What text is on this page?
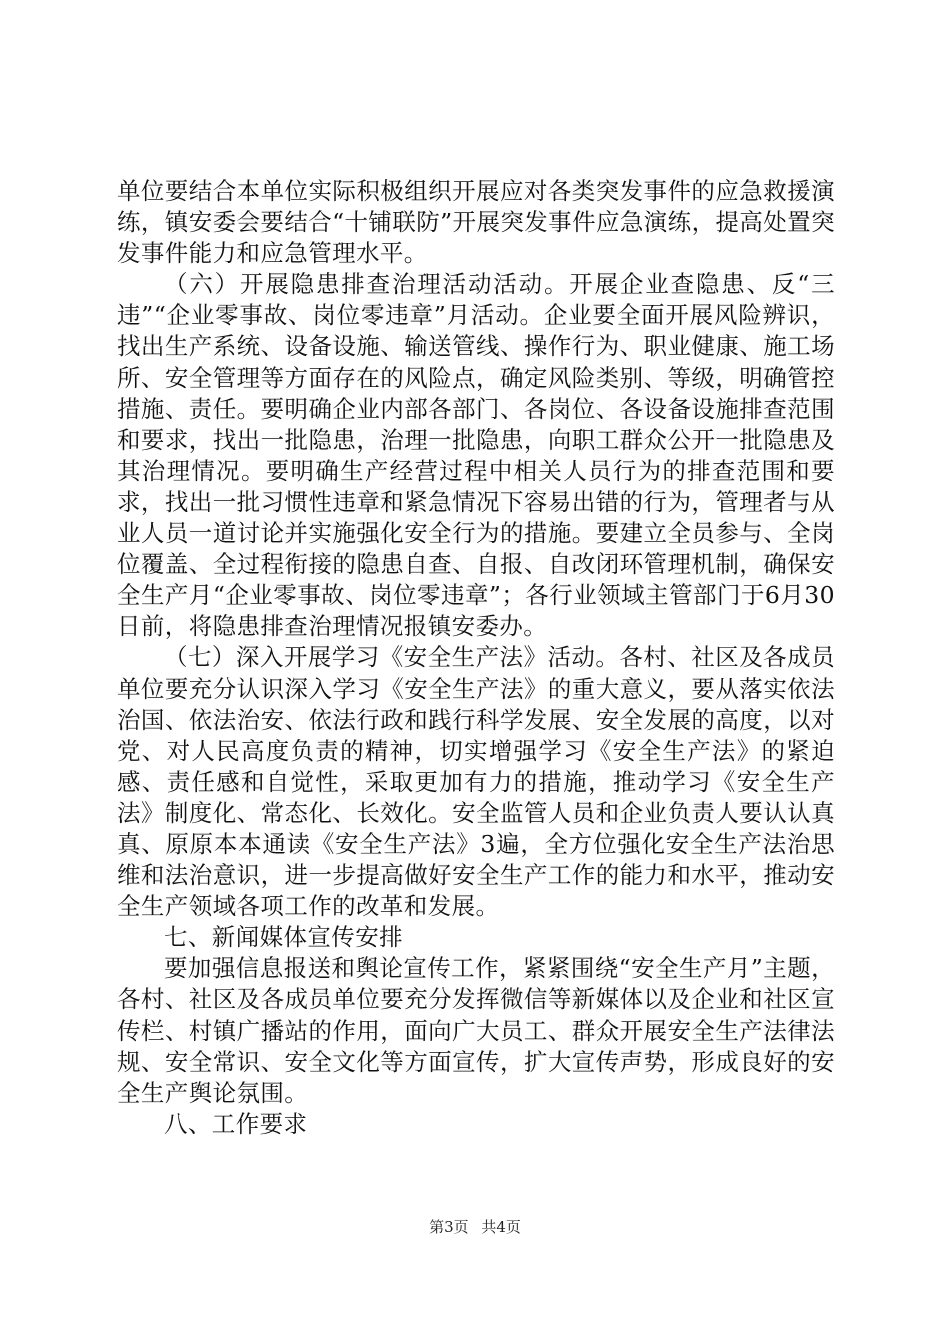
单位要结合本单位实际积极组织开展应对各类突发事件的应急救援演练，镇安委会要结合“十铺联防”开展突发事件应急演练，提高处置突发事件能力和应急管理水平。

（六）开展隐患排查治理活动活动。开展企业查隐患、反“三违”“企业零事故、岗位零违章”月活动。企业要全面开展风险辨识，找出生产系统、设备设施、输送管线、操作行为、职业健康、施工场所、安全管理等方面存在的风险点，确定风险类别、等级，明确管控措施、责任。要明确企业内部各部门、各岗位、各设备设施排查范围和要求，找出一批隐患，治理一批隐患，向职工群众公开一批隐患及其治理情况。要明确生产经营过程中相关人员行为的排查范围和要求，找出一批习惯性违章和紧急情况下容易出错的行为，管理者与从业人员一道讨论并实施强化安全行为的措施。要建立全员参与、全岗位覆盖、全过程衔接的隐患自查、自报、自改闭环管理机制，确保安全生产月“企业零事故、岗位零违章”；各行业领域主管部门于6月30日前，将隐患排查治理情况报镇安委办。

（七）深入开展学习《安全生产法》活动。各村、社区及各成员单位要充分认识深入学习《安全生产法》的重大意义，要从落实依法治国、依法治安、依法行政和践行科学发展、安全发展的高度，以对党、对人民高度负责的精神，切实增强学习《安全生产法》的紧迫感、责任感和自觉性，采取更加有力的措施，推动学习《安全生产法》制度化、常态化、长效化。安全监管人员和企业负责人要认认真真、原原本本通读《安全生产法》3遍，全方位强化安全生产法治思维和法治意识，进一步提高做好安全生产工作的能力和水平，推动安全生产领域各项工作的改革和发展。

七、新闻媒体宣传安排

要加强信息报送和舆论宣传工作，紧紧围绕“安全生产月”主题，各村、社区及各成员单位要充分发挥微信等新媒体以及企业和社区宣传栏、村镇广播站的作用，面向广大员工、群众开展安全生产法律法规、安全常识、安全文化等方面宣传，扩大宣传声势，形成良好的安全生产舆论氛围。

八、工作要求

第3页 共4页
